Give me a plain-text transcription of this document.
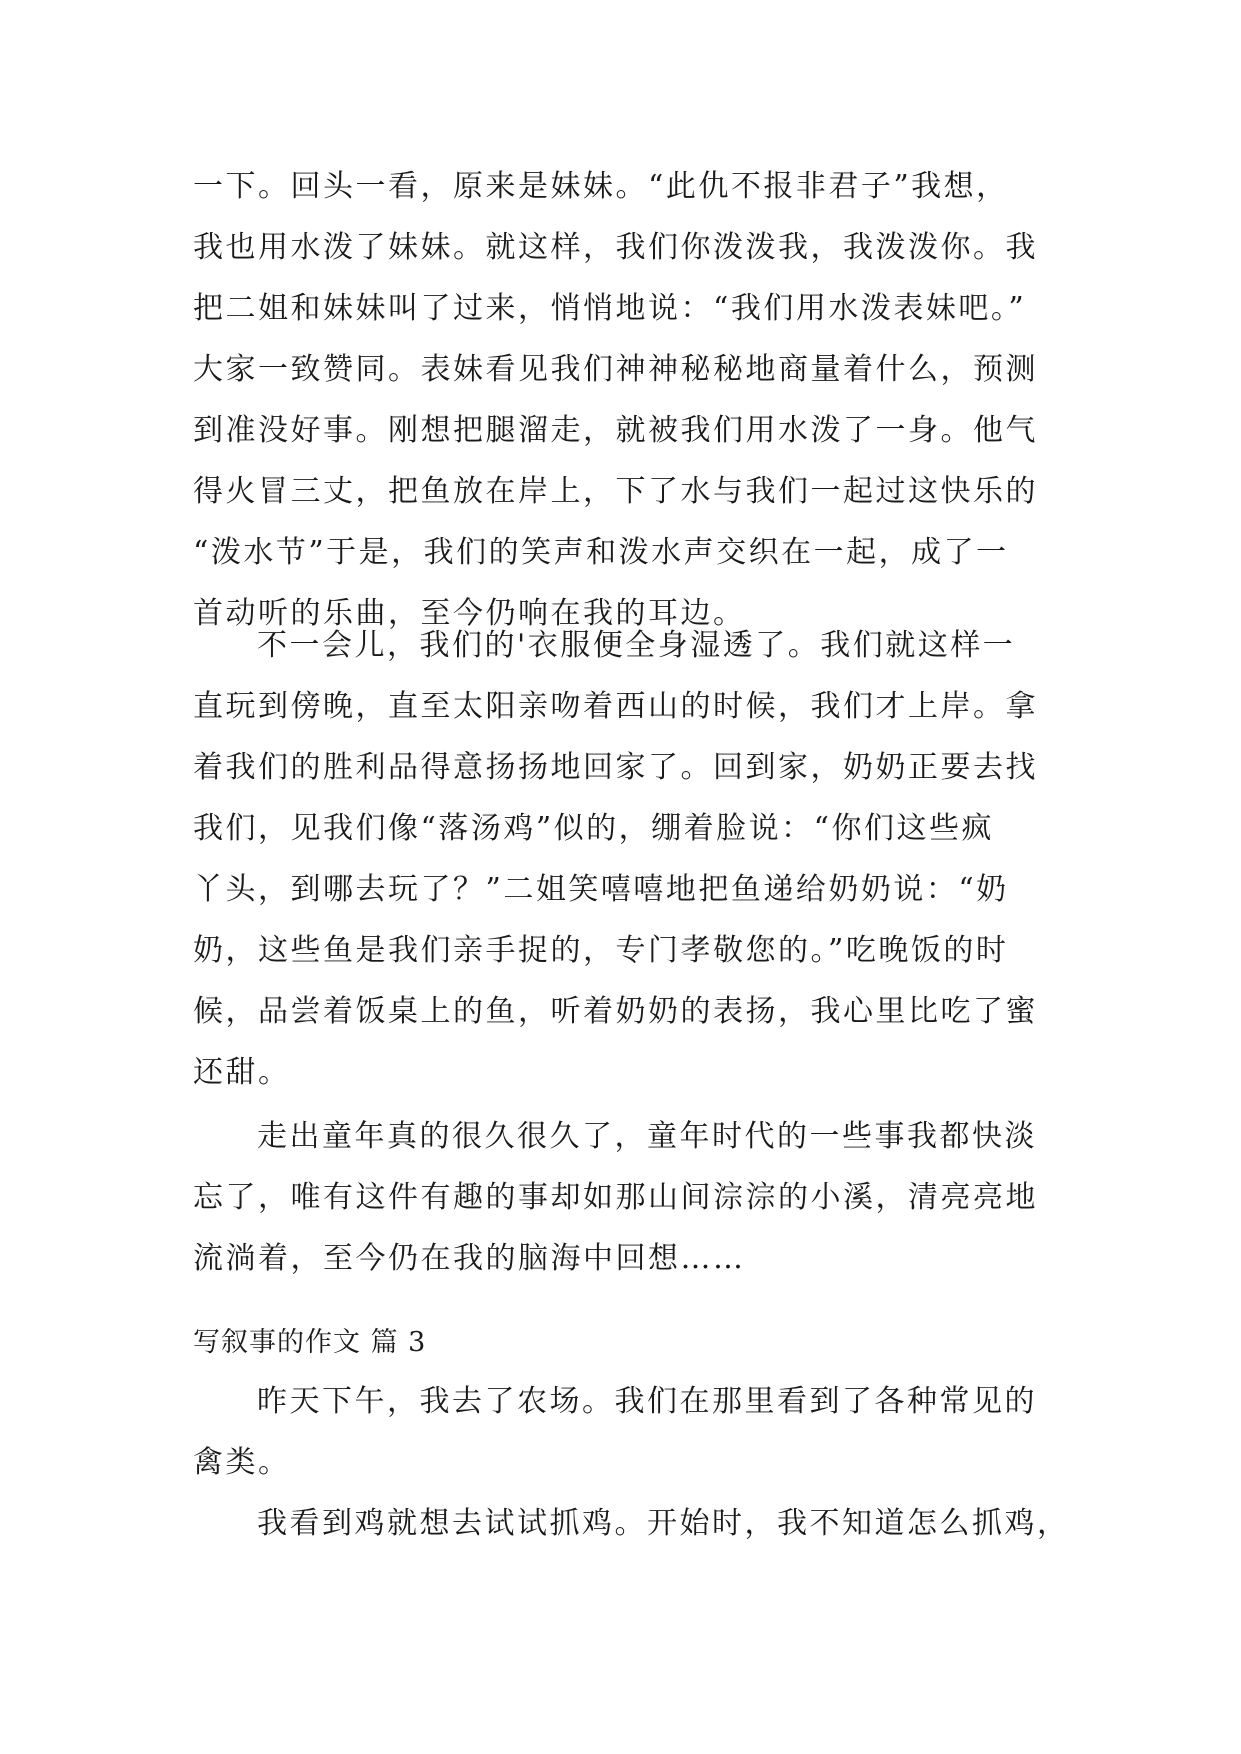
一下。回头一看，原来是妹妹。“此仇不报非君子”我想，
我也用水泼了妹妹。就这样，我们你泼泼我，我泼泼你。我
把二姐和妹妹叫了过来，悄悄地说：“我们用水泼表妹吧。”
大家一致赞同。表妹看见我们神神秘秘地商量着什么，预测
到准没好事。刚想把腿溜走，就被我们用水泼了一身。他气
得火冒三丈，把鱼放在岸上，下了水与我们一起过这快乐的
“泼水节”于是，我们的笑声和泼水声交织在一起，成了一
首动听的乐曲，至今仍响在我的耳边。
不一会儿，我们的'衣服便全身湿透了。我们就这样一
直玩到傍晚，直至太阳亲吻着西山的时候，我们才上岸。拿
着我们的胜利品得意扬扬地回家了。回到家，奶奶正要去找
我们，见我们像“落汤鸡”似的，绷着脸说：“你们这些疯
丫头，到哪去玩了？”二姐笑嘻嘻地把鱼递给奶奶说：“奶
奶，这些鱼是我们亲手捉的，专门孝敬您的。”吃晚饭的时
候，品尝着饭桌上的鱼，听着奶奶的表扬，我心里比吃了蜜
还甜。
走出童年真的很久很久了，童年时代的一些事我都快淡
忘了，唯有这件有趣的事却如那山间淙淙的小溪，清亮亮地
流淌着，至今仍在我的脑海中回想……
写叙事的作文 篇 3
昨天下午，我去了农场。我们在那里看到了各种常见的
禽类。
我看到鸡就想去试试抓鸡。开始时，我不知道怎么抓鸡，
